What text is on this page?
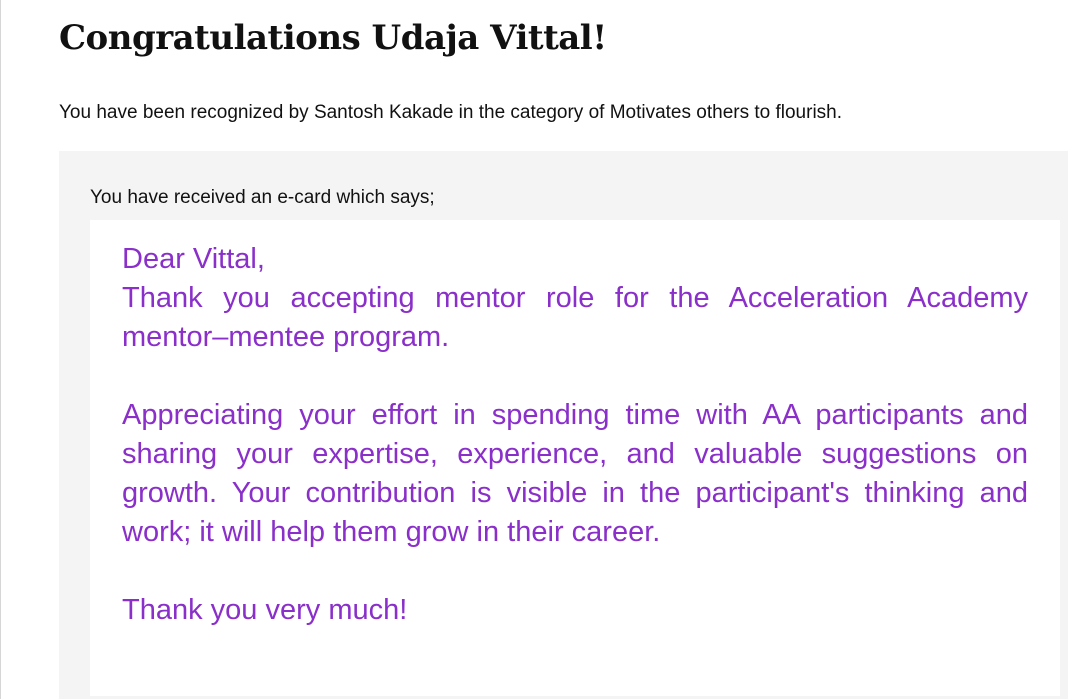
Congratulations Udaja Vittal!

You have been recognized by Santosh Kakade in the category of Motivates others to flourish.

You have received an e-card which says;

Dear Vittal,

Thank you accepting mentor role for the Acceleration Academy mentor–mentee program.

Appreciating your effort in spending time with AA participants and sharing your expertise, experience, and valuable suggestions on growth. Your contribution is visible in the participant's thinking and work; it will help them grow in their career.

Thank you very much!
